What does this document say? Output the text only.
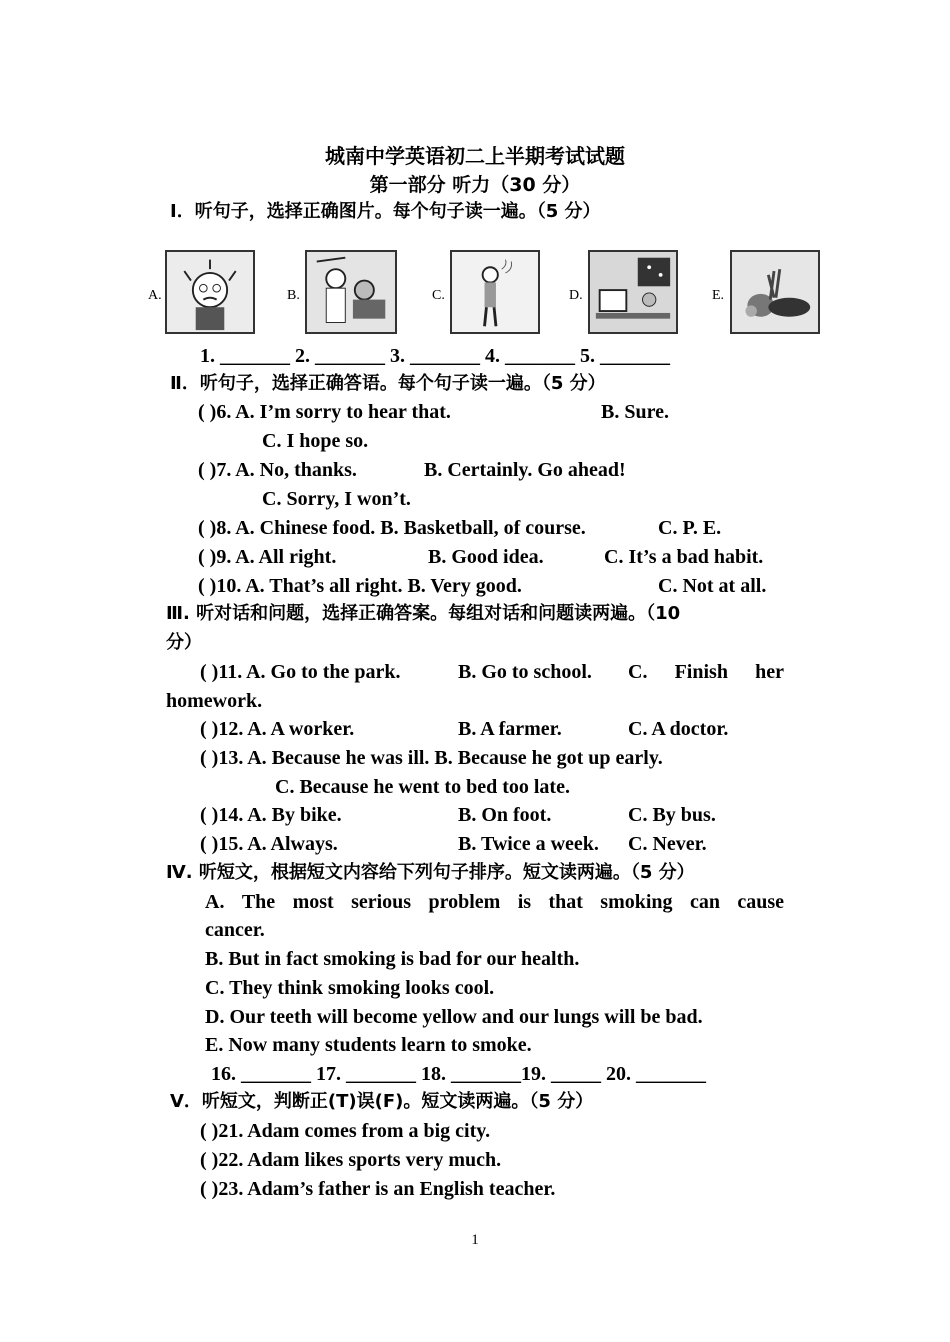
城南中学英语初二上半期考试试题
第一部分 听力（30 分）
Ⅰ．听句子，选择正确图片。每个句子读一遍。（5 分）
A.	B.	C.	D.	E.
1. _______ 2. _______ 3. _______ 4. _______ 5. _______
Ⅱ．听句子，选择正确答语。每个句子读一遍。（5 分）
( )6. A. I’m sorry to hear that.	B. Sure.
C. I hope so.
( )7. A. No, thanks.	B. Certainly. Go ahead!
C. Sorry, I won’t.
( )8. A. Chinese food. B. Basketball, of course.	C. P. E.
( )9. A. All right.	B. Good idea.	C. It’s a bad habit.
( )10. A. That’s all right. B. Very good.	C. Not at all.
Ⅲ. 听对话和问题，选择正确答案。每组对话和问题读两遍。（10
分）
( )11. A. Go to the park.	B. Go to school. C. Finish her
homework.
( )12. A. A worker.	B. A farmer.	C. A doctor.
( )13. A. Because he was ill. B. Because he got up early.
C. Because he went to bed too late.
( )14. A. By bike.	B. On foot.	C. By bus.
( )15. A. Always.	B. Twice a week. C. Never.
Ⅳ. 听短文，根据短文内容给下列句子排序。短文读两遍。（5 分）
A. The most serious problem is that smoking can cause
cancer.
B. But in fact smoking is bad for our health.
C. They think smoking looks cool.
D. Our teeth will become yellow and our lungs will be bad.
E. Now many students learn to smoke.
16. _______ 17. _______ 18. _______19. _____ 20. _______
Ⅴ．听短文，判断正(T)误(F)。短文读两遍。（5 分）
( )21. Adam comes from a big city.
( )22. Adam likes sports very much.
( )23. Adam’s father is an English teacher.
1
